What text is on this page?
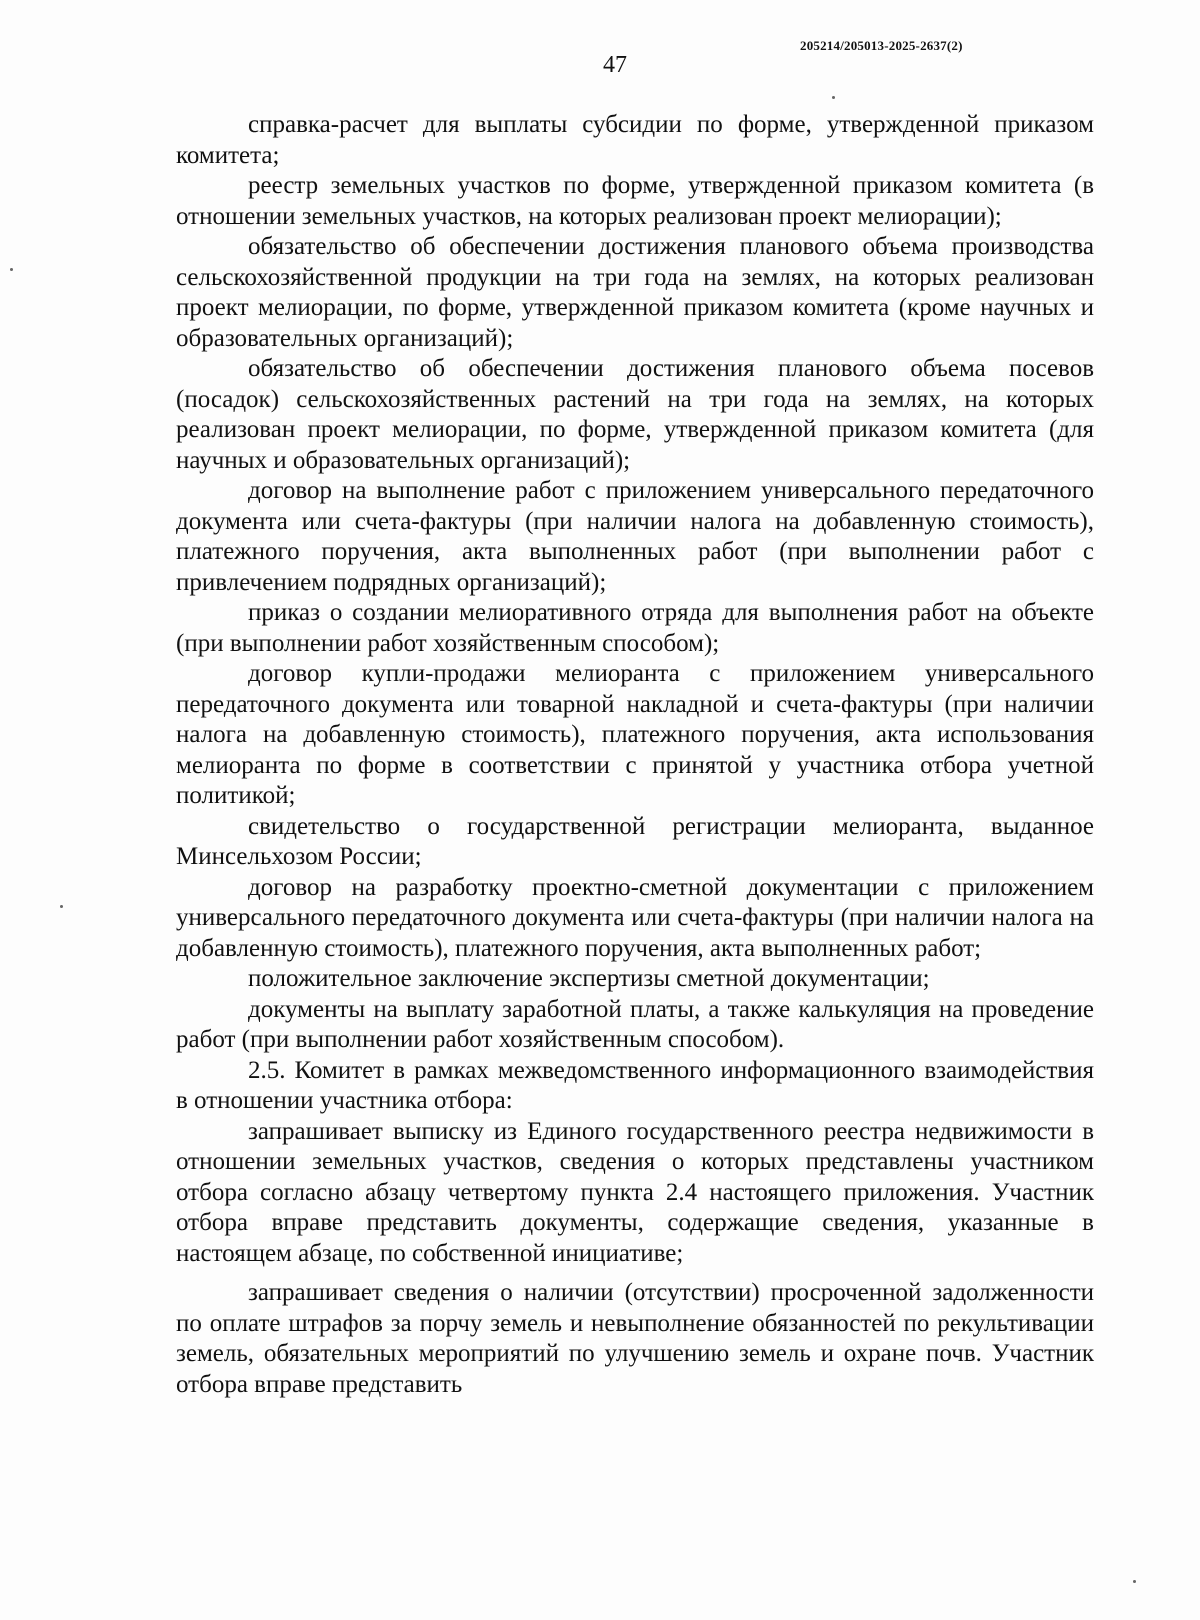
205214/205013-2025-2637(2)
47

справка-расчет для выплаты субсидии по форме, утвержденной приказом комитета;

реестр земельных участков по форме, утвержденной приказом комитета (в отношении земельных участков, на которых реализован проект мелиорации);

обязательство об обеспечении достижения планового объема производства сельскохозяйственной продукции на три года на землях, на которых реализован проект мелиорации, по форме, утвержденной приказом комитета (кроме научных и образовательных организаций);

обязательство об обеспечении достижения планового объема посевов (посадок) сельскохозяйственных растений на три года на землях, на которых реализован проект мелиорации, по форме, утвержденной приказом комитета (для научных и образовательных организаций);

договор на выполнение работ с приложением универсального передаточного документа или счета-фактуры (при наличии налога на добавленную стоимость), платежного поручения, акта выполненных работ (при выполнении работ с привлечением подрядных организаций);

приказ о создании мелиоративного отряда для выполнения работ на объекте (при выполнении работ хозяйственным способом);

договор купли-продажи мелиоранта с приложением универсального передаточного документа или товарной накладной и счета-фактуры (при наличии налога на добавленную стоимость), платежного поручения, акта использования мелиоранта по форме в соответствии с принятой у участника отбора учетной политикой;

свидетельство о государственной регистрации мелиоранта, выданное Минсельхозом России;

договор на разработку проектно-сметной документации с приложением универсального передаточного документа или счета-фактуры (при наличии налога на добавленную стоимость), платежного поручения, акта выполненных работ;

положительное заключение экспертизы сметной документации;

документы на выплату заработной платы, а также калькуляция на проведение работ (при выполнении работ хозяйственным способом).

2.5. Комитет в рамках межведомственного информационного взаимодействия в отношении участника отбора:

запрашивает выписку из Единого государственного реестра недвижимости в отношении земельных участков, сведения о которых представлены участником отбора согласно абзацу четвертому пункта 2.4 настоящего приложения. Участник отбора вправе представить документы, содержащие сведения, указанные в настоящем абзаце, по собственной инициативе;

запрашивает сведения о наличии (отсутствии) просроченной задолженности по оплате штрафов за порчу земель и невыполнение обязанностей по рекультивации земель, обязательных мероприятий по улучшению земель и охране почв. Участник отбора вправе представить
